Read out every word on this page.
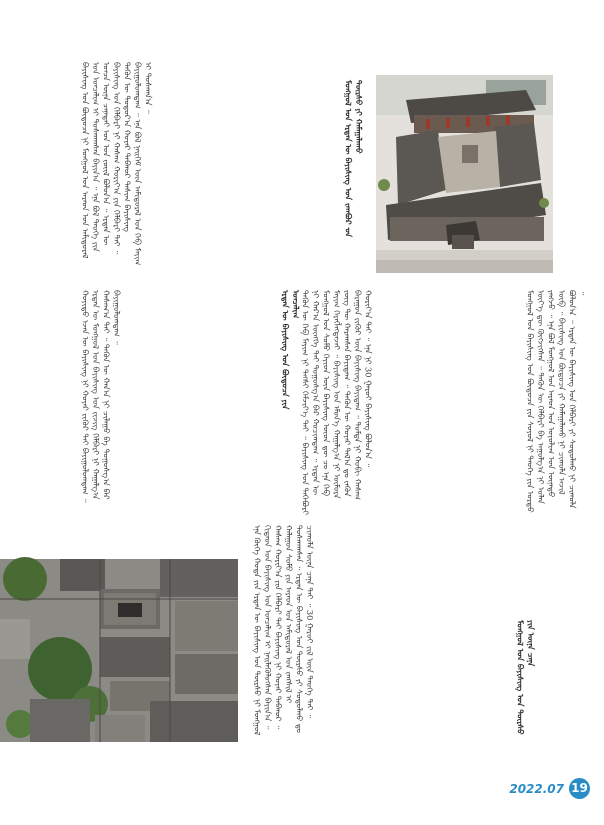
ᠮᠣᠩᠭᠣᠯ ᠤᠨ ᠡᠷᠲᠡᠨ ᠦ ᠪᠠᠶᠢᠰᠢᠩ ᠤᠨ ᠵᠠᠭᠪᠤᠷ ᠊ᠤᠨ ᠳᠦᠷᠰᠦ ᠶᠢ ᠬᠠᠮᠠᠭᠠᠯᠠᠬᠤ

ᠪᠠᠶᠢᠰᠢᠩ ᠤᠨ ᠪᠦᠲᠦᠴᠡ ᠨᠢ ᠮᠣᠩᠭᠣᠯ ᠤᠨ ᠠᠷᠠᠳ ᠤᠨ ᠠᠮᠢᠳᠤᠷᠠᠯ ᠤᠨ ᠣᠨᠴᠠᠯᠢᠭ ᠢ ᠲᠤᠰᠬᠠᠭᠰᠠᠨ ᠪᠠᠶᠢᠨ᠎ᠠ ᠃ ᠡᠨᠡ ᠪᠣᠯ ᠲᠡᠦᠬᠡ ᠶᠢᠨ ᠣᠨᠴᠠ ᠦᠨᠡ ᠴᠡᠨᠡᠲᠡᠢ ᠡᠳ ᠤᠨ ᠵᠦᠢᠯ ᠪᠣᠯᠤᠨ᠎ᠠ ᠃ ᠡᠷᠲᠡᠨ ᠦ ᠪᠠᠶᠢᠰᠢᠩ ᠤᠨ ᠬᠡᠯᠪᠡᠷᠢ ᠨᠢ ᠬᠠᠰᠠᠭ ᠬᠤᠷᠢᠶ᠎ᠠ ᠶᠢᠨ ᠬᠡᠯᠪᠡᠷᠢ ᠲᠡᠢ ᠃ ᠲᠡᠭᠦᠨ ᠦ ᠳᠣᠲᠣᠷ᠎ᠠ ᠬᠣᠶᠠᠷ ᠳᠠᠪᠬᠤᠷ ᠲᠠᠰᠢᠭ ᠪᠠᠶᠢᠰᠢᠩ ᠪᠠᠶᠢᠭᠤᠯᠤᠭᠳᠠᠭ ᠃ ᠡᠨᠡ ᠪᠣᠯ ᠨᠡᠢᠭᠡᠮ ᠦᠨ ᠠᠮᠢᠳᠤᠷᠠᠯ ᠤᠨ ᠬᠡᠪ ᠮᠠᠶᠢᠭ ᠢ ᠲᠤᠰᠬᠠᠨ᠎ᠠ ᠃

ᠬᠤᠶᠢᠲᠤ ᠡᠵᠡᠨ ᠦ ᠪᠠᠶᠢᠰᠢᠩ ᠨᠢ ᠬᠣᠶᠠᠷ ᠵᠢᠭᠦᠷ ᠲᠡᠢ ᠪᠠᠶᠢᠭᠤᠯᠤᠭᠳᠠᠭ ᠃ ᠡᠷᠲᠡᠨ ᠦ ᠮᠣᠩᠭᠣᠯ ᠤᠨ ᠪᠠᠶᠢᠰᠢᠩ ᠤᠨ ᠵᠢᠵᠢᠭ ᠬᠡᠯᠪᠡᠷᠢ ᠨᠢ ᠬᠠᠭᠠᠯᠭ᠎ᠠ ᠬᠠᠰᠠᠭ᠎ᠠ ᠲᠠᠢ ᠃ ᠲᠡᠭᠦᠨ ᠦ ᠬᠠᠨ᠎ᠠ ᠨᠢ ᠴᠢᠯᠠᠭᠤ ᠪᠠ ᠲᠣᠭᠣᠰᠭ᠎ᠠ ᠪᠠᠷ ᠪᠠᠶᠢᠭᠤᠯᠤᠭᠳᠠᠭ ᠃	ᠡᠷᠲᠡᠨ ᠦ ᠪᠠᠶᠢᠰᠢᠩ ᠤᠨ ᠪᠦᠲᠦᠴᠡ ᠶᠢᠨ ᠣᠨᠴᠠᠯᠢᠭ ᠲᠡᠭᠦᠨ ᠦ ᠬᠡᠪ ᠮᠠᠶᠢᠭ ᠨᠢ ᠲᠡᠭᠰᠢ ᠬᠡᠮᠵᠢᠶ᠎ᠡ ᠲᠡᠢ ᠃ ᠪᠠᠶᠢᠰᠢᠩ ᠤᠨ ᠳᠡᠭᠡᠪᠦᠷᠢ ᠨᠢ ᠬᠠᠷ᠎ᠠ ᠦᠩᠭᠡ ᠲᠡᠢ ᠲᠣᠭᠣᠰᠭ᠎ᠠ ᠪᠠᠷ ᠬᠤᠴᠢᠭᠳᠠᠭ ᠃ ᠡᠷᠲᠡᠨ ᠦ ᠮᠣᠩᠭᠣᠯ ᠤᠨ ᠰᠤᠮᠤ ᠬᠡᠶᠢᠳ ᠦᠨ ᠪᠠᠶᠢᠰᠢᠩ ᠦᠳ ᠳᠦ ᠴᠤ ᠡᠨᠡ ᠬᠡᠪ ᠮᠠᠶᠢᠭ ᠬᠡᠷᠡᠭᠯᠡᠭᠳᠡᠵᠡᠢ ᠃ ᠪᠠᠶᠢᠰᠢᠩ ᠤᠨ ᠡᠮᠦᠨ᠎ᠡ ᠬᠠᠭᠠᠯᠭ᠎ᠠ ᠨᠢ ᠥᠮᠥᠷᠡ ᠵᠦᠭ ᠲᠦ ᠬᠠᠷᠠᠭᠰᠠᠨ ᠪᠠᠶᠢᠳᠠᠭ ᠃ ᠲᠡᠭᠦᠨ ᠦ ᠬᠣᠶᠠᠷ ᠲᠠᠯ᠎ᠠ ᠳᠤ ᠵᠡᠭᠦᠨ ᠪᠠᠷᠠᠭᠤᠨ ᠵᠢᠭᠦᠷ ᠦᠨ ᠪᠠᠶᠢᠰᠢᠩ ᠪᠠᠶᠢᠳᠠᠭ ᠃ ᠳᠤᠮᠳᠠ ᠨᠢ ᠬᠤᠪᠢ ᠬᠠᠰᠠᠭ ᠬᠤᠷᠢᠶ᠎ᠠ ᠲᠠᠢ ᠃ ᠡᠨᠡ ᠨᠢ 30 ᠭᠠᠷᠤᠢ ᠪᠠᠶᠢᠰᠢᠩ ᠪᠣᠯᠤᠨ᠎ᠠ ᠃	ᠮᠣᠩᠭᠣᠯ ᠤᠨ ᠪᠠᠶᠢᠰᠢᠩ ᠤᠨ ᠪᠦᠲᠦᠴᠡ ᠶᠢᠨ ᠰᠣᠶᠣᠯ ᠨᠢ ᠲᠡᠦᠬᠡ ᠶᠢᠨ ᠤᠷᠲᠤ ᠦᠶ᠎ᠡ ᠳᠦ ᠬᠥᠭᠵᠢᠭᠰᠡᠨ ᠃ ᠲᠡᠭᠦᠨ ᠦ ᠬᠡᠯᠪᠡᠷᠢ ᠪᠠ ᠠᠭᠤᠯᠭ᠎ᠠ ᠨᠢ ᠣᠯᠠᠨ ᠶᠠᠩᠵᠤ ᠃ ᠡᠨᠡ ᠪᠣᠯ ᠮᠣᠩᠭᠣᠯ ᠤᠨ ᠠᠷᠠᠳ ᠤᠨ ᠤᠶᠤᠯᠢᠭ ᠤᠨ ᠦᠨᠡᠲᠦ ᠥᠪ ᠃ ᠪᠠᠶᠢᠰᠢᠩ ᠤᠨ ᠪᠦᠲᠦᠴᠡ ᠶᠢ ᠬᠠᠮᠠᠭᠠᠯᠠᠬᠤ ᠨᠢ ᠴᠢᠬᠤᠯᠠ ᠠᠵᠢᠯ ᠪᠣᠯᠤᠨ᠎ᠠ ᠃ ᠡᠷᠲᠡᠨ ᠦ ᠪᠠᠶᠢᠰᠢᠩ ᠤᠨ ᠬᠡᠯᠪᠡᠷᠢ ᠶᠢ ᠰᠤᠳᠤᠯᠬᠤ ᠨᠢ ᠴᠢᠬᠤᠯᠠ ᠃

ᠡᠨᠡ ᠬᠥᠬᠡ ᠬᠣᠲᠠ ᠶᠢᠨ ᠡᠷᠲᠡᠨ ᠦ ᠪᠠᠶᠢᠰᠢᠩ ᠤᠨ ᠳᠦᠷᠰᠦ ᠨᠢ ᠮᠣᠩᠭᠣᠯ ᠬᠢᠲᠠᠳ ᠤᠨ ᠪᠠᠶᠢᠰᠢᠩ ᠤᠨ ᠣᠨᠴᠠᠯᠢᠭ ᠢ ᠨᠡᠢᠯᠡᠭᠦᠯᠦᠭᠰᠡᠨ ᠪᠠᠶᠢᠨ᠎ᠠ ᠃ ᠬᠠᠰᠠᠭ ᠬᠤᠷᠢᠶ᠎ᠠ ᠶᠢᠨ ᠬᠡᠯᠪᠡᠷᠢ ᠲᠡᠢ ᠪᠠᠶᠢᠰᠢᠩ ᠨᠢ ᠬᠣᠶᠠᠷ ᠳᠠᠪᠬᠤᠷ ᠃ ᠬᠠᠯᠠᠭᠤᠨ ᠰᠤᠮᠤ ᠶᠢᠨ ᠠᠷᠠᠳ ᠤᠨ ᠠᠮᠢᠳᠤᠷᠠᠯ ᠤᠨ ᠵᠠᠩᠱᠢᠯ ᠢ ᠲᠤᠰᠬᠠᠭᠰᠠᠨ ᠃ ᠡᠷᠲᠡᠨ ᠦ ᠪᠠᠶᠢᠰᠢᠩ ᠤᠨ ᠳᠦᠷᠰᠦ ᠶᠢ ᠰᠤᠳᠤᠯᠬᠤ ᠳᠤ ᠴᠢᠬᠤᠯᠠ ᠦᠨᠡ ᠴᠡᠨᠡ ᠲᠡᠢ ᠃ 30 ᠭᠠᠷᠤᠢ ᠵᠢᠯ ᠦᠨ ᠲᠡᠦᠬᠡ ᠲᠡᠢ ᠃	ᠮᠣᠩᠭᠣᠯ ᠤᠨ ᠪᠠᠶᠢᠰᠢᠩ ᠤᠨ ᠳᠦᠷᠰᠦ ᠶᠢᠨ ᠦᠨᠡ ᠴᠡᠨᠡ

2022.07 19
